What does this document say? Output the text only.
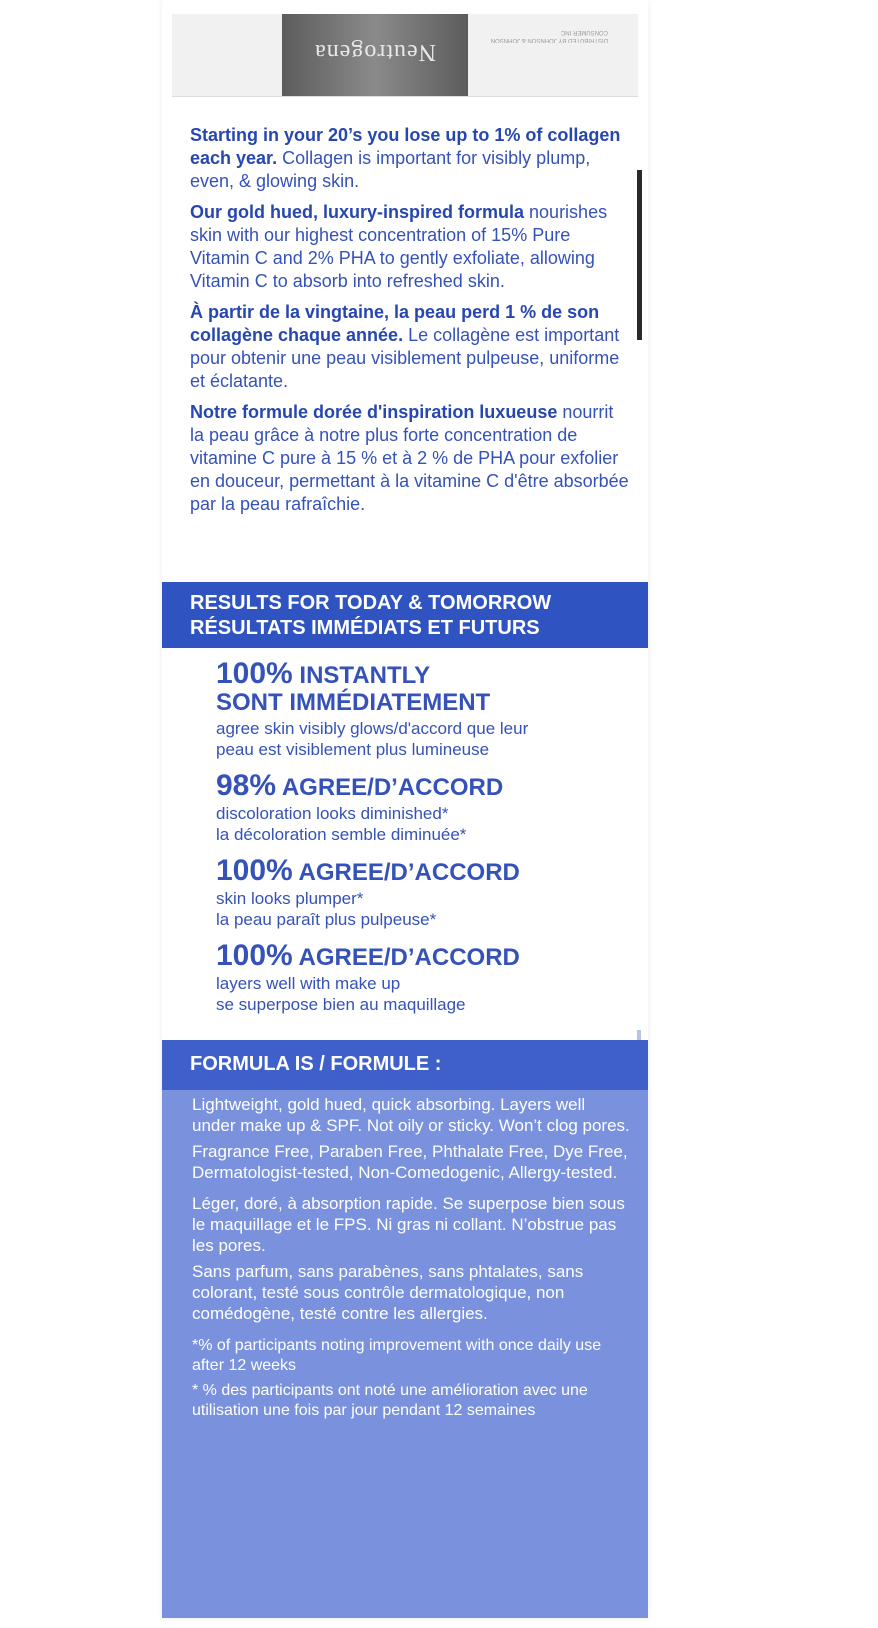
Neutrogena	DISTRIBUTED BY JOHNSON & JOHNSON CONSUMER INC

Starting in your 20’s you lose up to 1% of collagen each year. Collagen is important for visibly plump, even, & glowing skin.

Our gold hued, luxury-inspired formula nourishes skin with our highest concentration of 15% Pure Vitamin C and 2% PHA to gently exfoliate, allowing Vitamin C to absorb into refreshed skin.

À partir de la vingtaine, la peau perd 1 % de son collagène chaque année. Le collagène est important pour obtenir une peau visiblement pulpeuse, uniforme et éclatante.

Notre formule dorée d'inspiration luxueuse nourrit la peau grâce à notre plus forte concentration de vitamine C pure à 15 % et à 2 % de PHA pour exfolier en douceur, permettant à la vitamine C d'être absorbée par la peau rafraîchie.

RESULTS FOR TODAY & TOMORROW
RÉSULTATS IMMÉDIATS ET FUTURS
100% INSTANTLY
SONT IMMÉDIATEMENT
agree skin visibly glows/d'accord que leur
peau est visiblement plus lumineuse
98% AGREE/D’ACCORD
discoloration looks diminished*
la décoloration semble diminuée*
100% AGREE/D’ACCORD
skin looks plumper*
la peau paraît plus pulpeuse*
100% AGREE/D’ACCORD
layers well with make up
se superpose bien au maquillage
FORMULA IS / FORMULE :

Lightweight, gold hued, quick absorbing. Layers well under make up & SPF. Not oily or sticky. Won’t clog pores.

Fragrance Free, Paraben Free, Phthalate Free, Dye Free, Dermatologist-tested, Non-Comedogenic, Allergy-tested.

Léger, doré, à absorption rapide. Se superpose bien sous le maquillage et le FPS. Ni gras ni collant. N’obstrue pas les pores.

Sans parfum, sans parabènes, sans phtalates, sans colorant, testé sous contrôle dermatologique, non comédogène, testé contre les allergies.

*% of participants noting improvement with once daily use after 12 weeks

* % des participants ont noté une amélioration avec une utilisation une fois par jour pendant 12 semaines
